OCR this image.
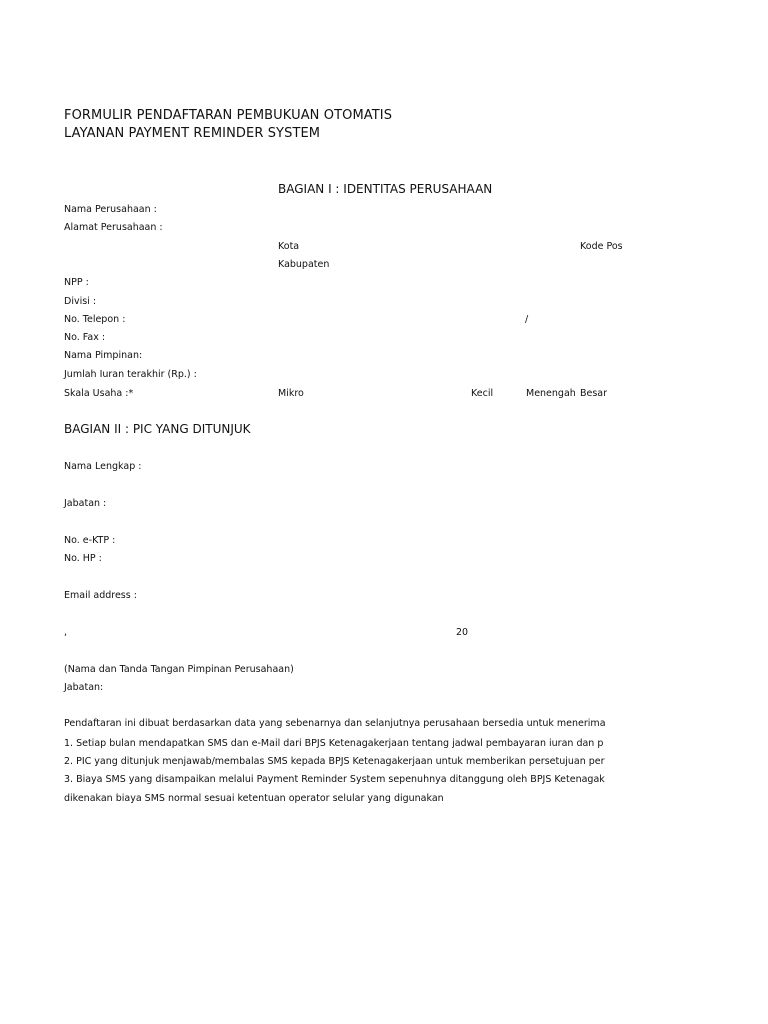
FORMULIR PENDAFTARAN PEMBUKUAN OTOMATIS
LAYANAN PAYMENT REMINDER SYSTEM
BAGIAN I : IDENTITAS PERUSAHAAN
Nama Perusahaan :
Alamat Perusahaan :
Kota	Kode Pos
Kabupaten
NPP :
Divisi :
No. Telepon :	/
No. Fax :
Nama Pimpinan:
Jumlah Iuran terakhir (Rp.) :
Skala Usaha :*	Mikro	Kecil	Menengah Besar
BAGIAN II : PIC YANG DITUNJUK
Nama Lengkap :
Jabatan :
No. e-KTP :
No. HP :
Email address :
,	20
(Nama dan Tanda Tangan Pimpinan Perusahaan)
Jabatan:
Pendaftaran ini dibuat berdasarkan data yang sebenarnya dan selanjutnya perusahaan bersedia untuk menerima
1. Setiap bulan mendapatkan SMS dan e-Mail dari BPJS Ketenagakerjaan tentang jadwal pembayaran iuran dan p
2. PIC yang ditunjuk menjawab/membalas SMS kepada BPJS Ketenagakerjaan untuk memberikan persetujuan per
3. Biaya SMS yang disampaikan melalui Payment Reminder System sepenuhnya ditanggung oleh BPJS Ketenagak
dikenakan biaya SMS normal sesuai ketentuan operator selular yang digunakan
